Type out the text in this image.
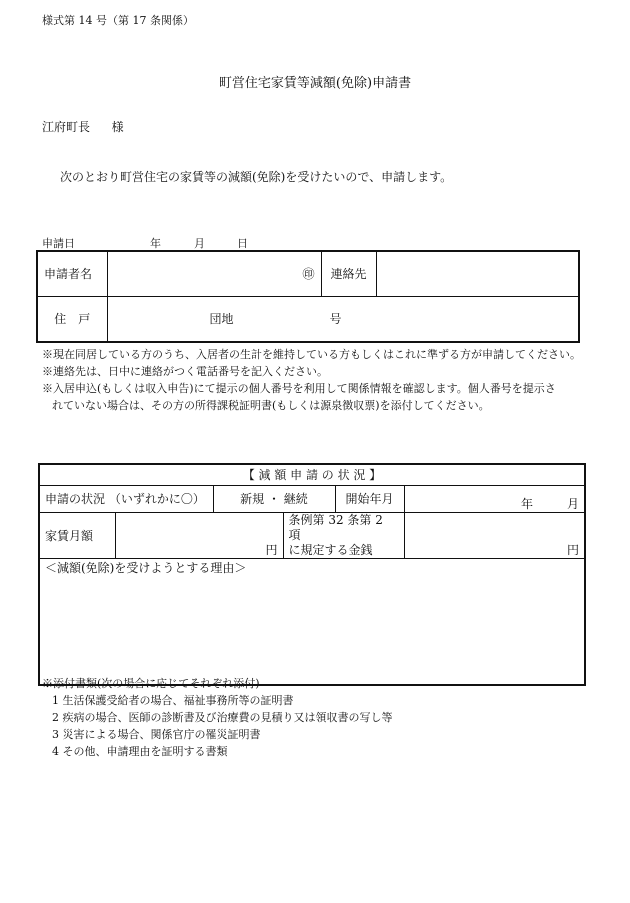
様式第 14 号（第 17 条関係）
町営住宅家賃等減額(免除)申請書
江府町長 様
次のとおり町営住宅の家賃等の減額(免除)を受けたいので、申請します。
申請日	年	月	日
申請者名	㊞	連絡先	
住　戸	団地 号		
※現在同居している方のうち、入居者の生計を維持している方もしくはこれに準ずる方が申請してください。
※連絡先は、日中に連絡がつく電話番号を記入ください。
※入居申込(もしくは収入申告)にて提示の個人番号を利用して関係情報を確認します。個人番号を提示さ
れていない場合は、その方の所得課税証明書(もしくは源泉徴収票)を添付してください。
【 減 額 申 請 の 状 況 】					
申請の状況 （いずれかに〇）		新規 ・ 継続		開始年月	年 月
家賃月額	円		条例第 32 条第 2 項
に規定する金銭		円

＜減額(免除)を受けようとする理由＞					
※添付書類(次の場合に応じてそれぞれ添付)
1 生活保護受給者の場合、福祉事務所等の証明書
2 疾病の場合、医師の診断書及び治療費の見積り又は領収書の写し等
3 災害による場合、関係官庁の罹災証明書
4 その他、申請理由を証明する書類
